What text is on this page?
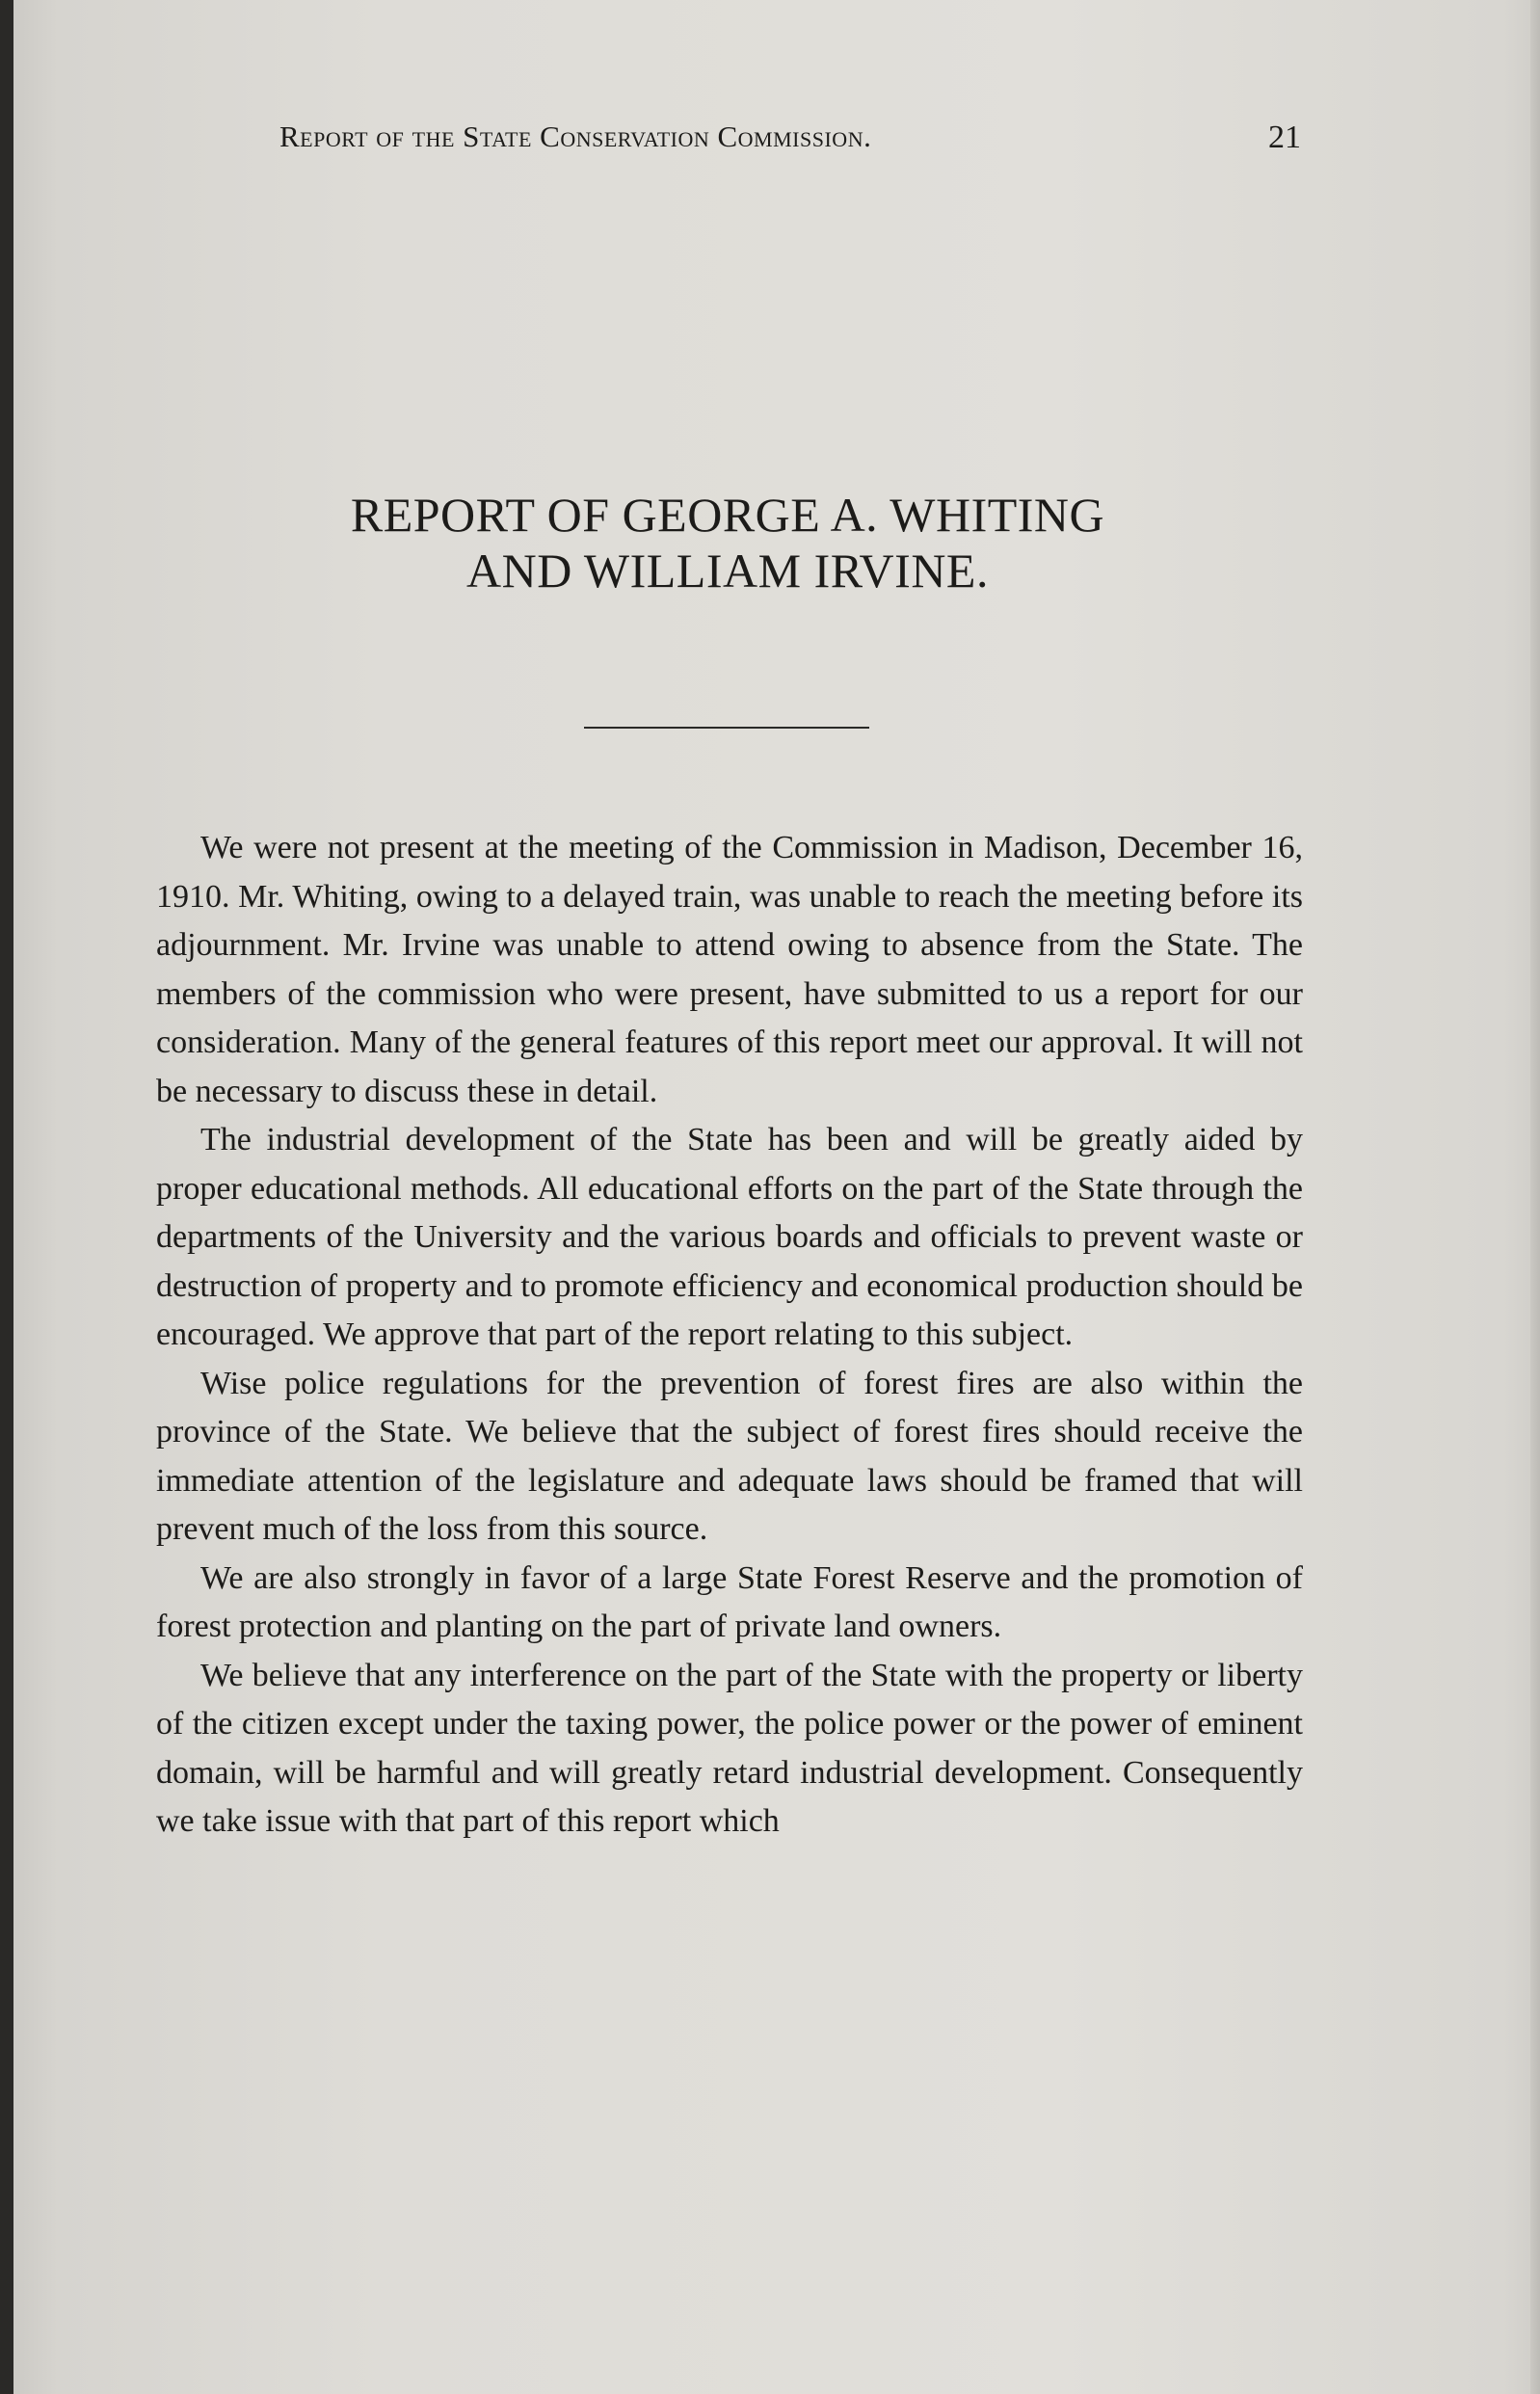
Report of the State Conservation Commission.	21
REPORT OF GEORGE A. WHITING
AND WILLIAM IRVINE.

We were not present at the meeting of the Commission in Madison, December 16, 1910. Mr. Whiting, owing to a delayed train, was unable to reach the meeting before its adjournment. Mr. Irvine was unable to attend owing to absence from the State. The members of the commission who were present, have submitted to us a report for our consideration. Many of the general features of this report meet our approval. It will not be necessary to discuss these in detail.

The industrial development of the State has been and will be greatly aided by proper educational methods. All educational efforts on the part of the State through the departments of the University and the various boards and officials to prevent waste or destruction of property and to promote efficiency and economical production should be encouraged. We approve that part of the report relating to this subject.

Wise police regulations for the prevention of forest fires are also within the province of the State. We believe that the subject of forest fires should receive the immediate attention of the legislature and adequate laws should be framed that will prevent much of the loss from this source.

We are also strongly in favor of a large State Forest Reserve and the promotion of forest protection and planting on the part of private land owners.

We believe that any interference on the part of the State with the property or liberty of the citizen except under the taxing power, the police power or the power of eminent domain, will be harmful and will greatly retard industrial development. Consequently we take issue with that part of this report which
